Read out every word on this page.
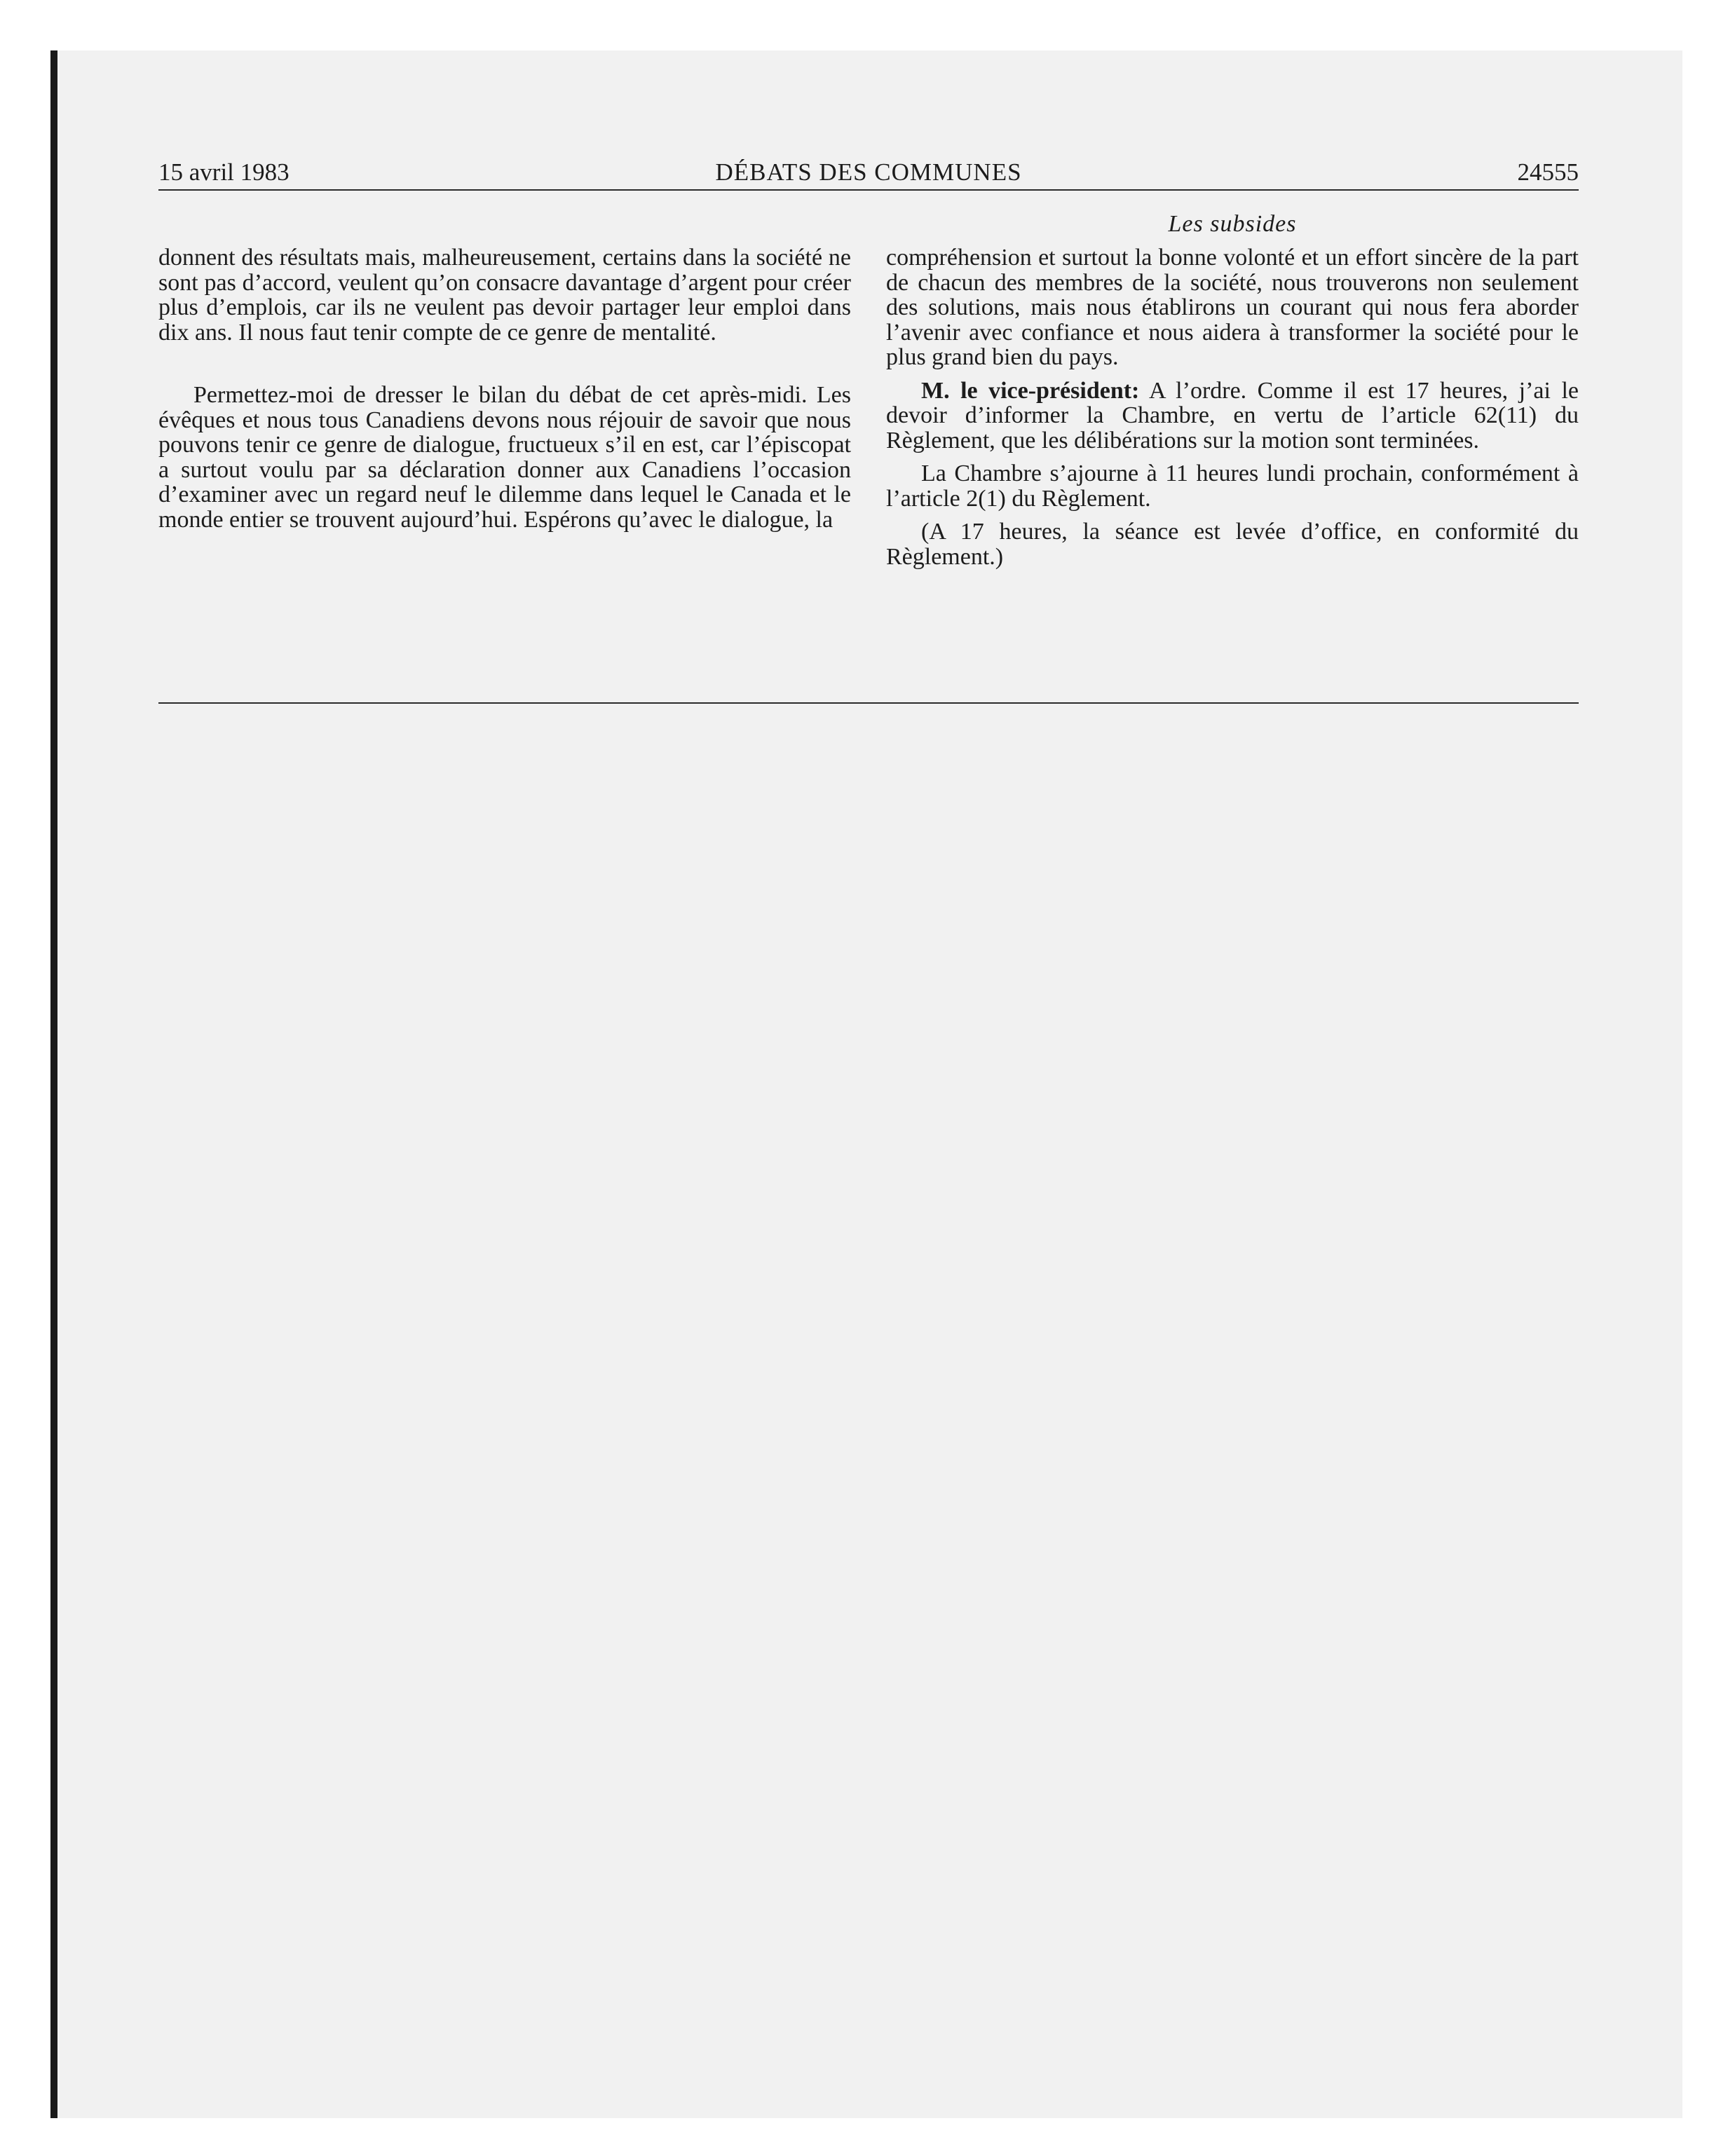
15 avril 1983	DÉBATS DES COMMUNES	24555
Les subsides

donnent des résultats mais, malheureusement, certains dans la société ne sont pas d’accord, veulent qu’on consacre davantage d’argent pour créer plus d’emplois, car ils ne veulent pas devoir partager leur emploi dans dix ans. Il nous faut tenir compte de ce genre de mentalité.

Permettez-moi de dresser le bilan du débat de cet après-midi. Les évêques et nous tous Canadiens devons nous réjouir de savoir que nous pouvons tenir ce genre de dialogue, fructueux s’il en est, car l’épiscopat a surtout voulu par sa déclaration donner aux Canadiens l’occasion d’examiner avec un regard neuf le dilemme dans lequel le Canada et le monde entier se trouvent aujourd’hui. Espérons qu’avec le dialogue, la

compréhension et surtout la bonne volonté et un effort sincère de la part de chacun des membres de la société, nous trouverons non seulement des solutions, mais nous établirons un courant qui nous fera aborder l’avenir avec confiance et nous aidera à transformer la société pour le plus grand bien du pays.

M. le vice-président: A l’ordre. Comme il est 17 heures, j’ai le devoir d’informer la Chambre, en vertu de l’article 62(11) du Règlement, que les délibérations sur la motion sont terminées.

La Chambre s’ajourne à 11 heures lundi prochain, conformément à l’article 2(1) du Règlement.

(A 17 heures, la séance est levée d’office, en conformité du Règlement.)
